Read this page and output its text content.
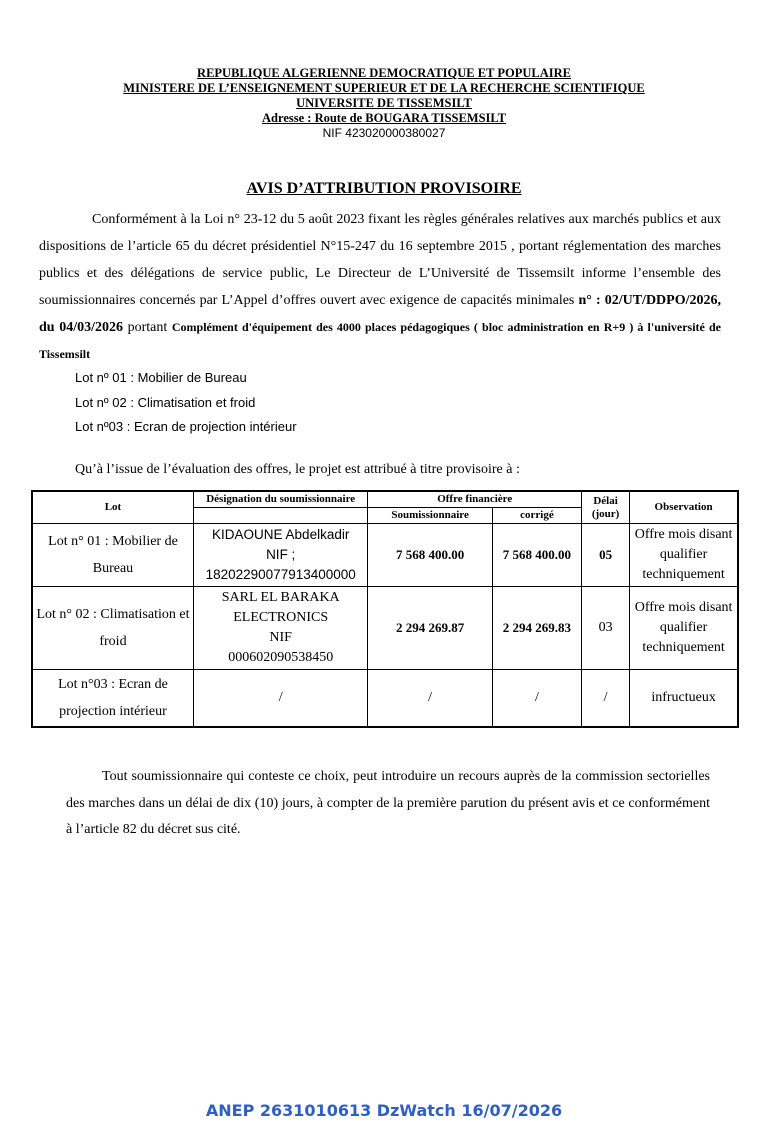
REPUBLIQUE ALGERIENNE DEMOCRATIQUE ET POPULAIRE
MINISTERE DE L’ENSEIGNEMENT SUPERIEUR ET DE LA RECHERCHE SCIENTIFIQUE
UNIVERSITE DE TISSEMSILT
Adresse : Route de BOUGARA TISSEMSILT
NIF 423020000380027
AVIS D’ATTRIBUTION PROVISOIRE
Conformément à la Loi n° 23-12 du 5 août 2023 fixant les règles générales relatives aux marchés publics et aux dispositions de l’article 65 du décret présidentiel N°15-247 du 16 septembre 2015 , portant réglementation des marches publics et des délégations de service public, Le Directeur de L’Université de Tissemsilt informe l’ensemble des soumissionnaires concernés par L’Appel d’offres ouvert avec exigence de capacités minimales n° : 02/UT/DDPO/2026, du 04/03/2026 portant Complément d'équipement des 4000 places pédagogiques ( bloc administration en R+9 ) à l'université de Tissemsilt
Lot nº 01 : Mobilier de Bureau
Lot nº 02 : Climatisation et froid
Lot nº03 : Ecran de projection intérieur
Qu’à l’issue de l’évaluation des offres, le projet est attribué à titre provisoire à :
Lot	Désignation du soumissionnaire	Offre financière		Délai (jour)	Observation
		Soumissionnaire	corrigé		
Lot n° 01 : Mobilier de Bureau	KIDAOUNE Abdelkadir
NIF ;
18202290077913400000	7 568 400.00	7 568 400.00	05	Offre mois disant qualifier techniquement
Lot n° 02 : Climatisation et froid	SARL EL BARAKA
ELECTRONICS
NIF
000602090538450	2 294 269.87	2 294 269.83	03	Offre mois disant qualifier techniquement
Lot n°03 : Ecran de projection intérieur	/	/	/	/	infructueux
Tout soumissionnaire qui conteste ce choix, peut introduire un recours auprès de la commission sectorielles des marches dans un délai de dix (10) jours, à compter de la première parution du présent avis et ce conformément à l’article 82 du décret sus cité.
ANEP 2631010613 DzWatch 16/07/2026
